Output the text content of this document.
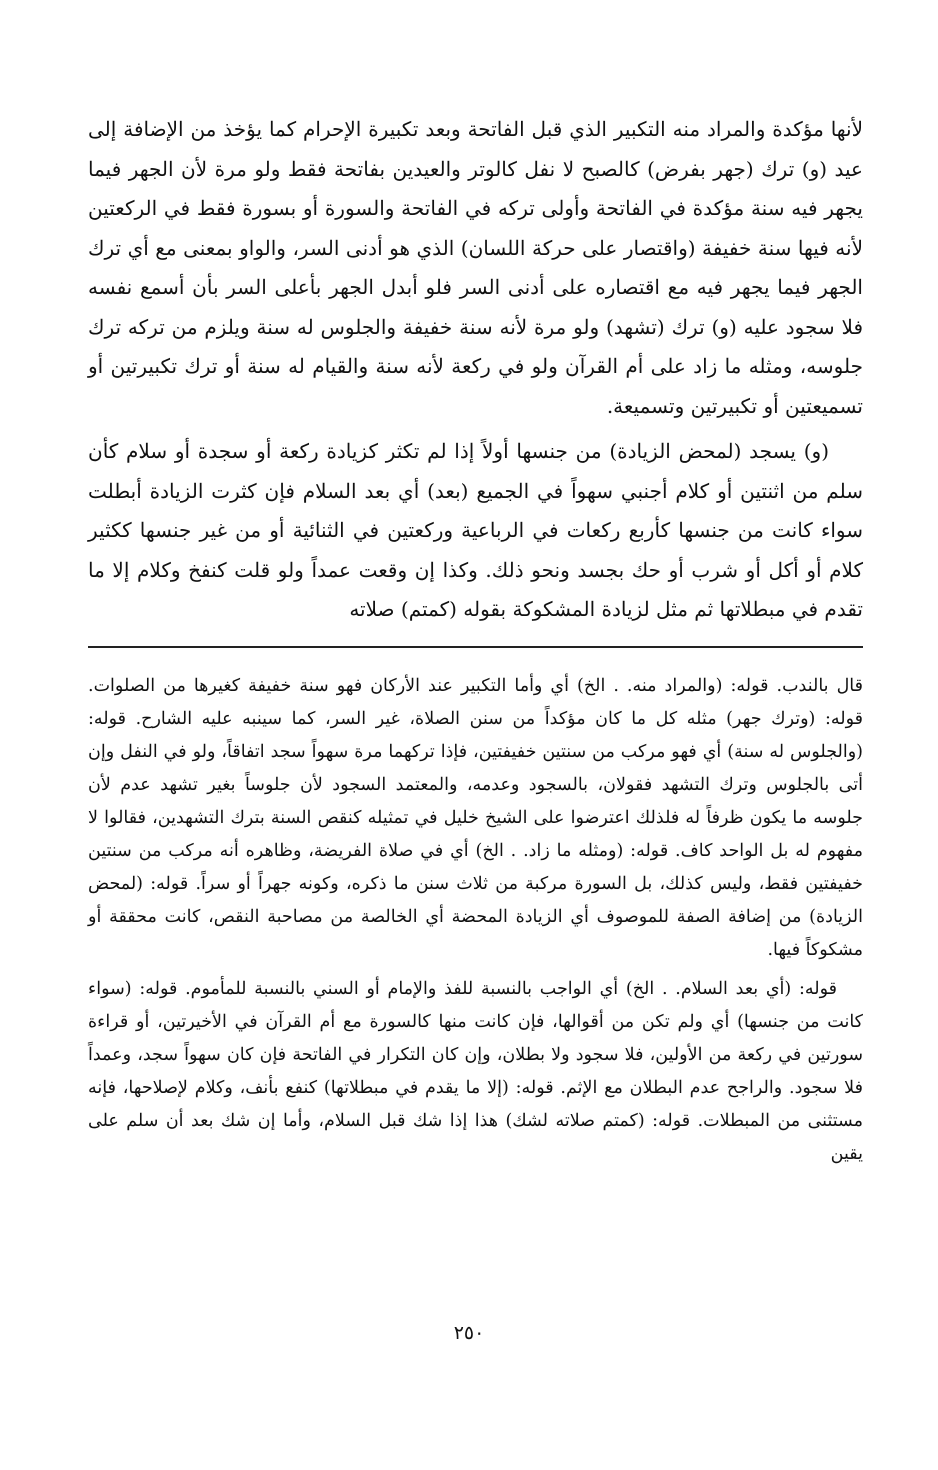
لأنها مؤكدة والمراد منه التكبير الذي قبل الفاتحة وبعد تكبيرة الإحرام كما يؤخذ من الإضافة إلى عيد (و) ترك (جهر بفرض) كالصبح لا نفل كالوتر والعيدين بفاتحة فقط ولو مرة لأن الجهر فيما يجهر فيه سنة مؤكدة في الفاتحة وأولى تركه في الفاتحة والسورة أو بسورة فقط في الركعتين لأنه فيها سنة خفيفة (واقتصار على حركة اللسان) الذي هو أدنى السر، والواو بمعنى مع أي ترك الجهر فيما يجهر فيه مع اقتصاره على أدنى السر فلو أبدل الجهر بأعلى السر بأن أسمع نفسه فلا سجود عليه (و) ترك (تشهد) ولو مرة لأنه سنة خفيفة والجلوس له سنة ويلزم من تركه ترك جلوسه، ومثله ما زاد على أم القرآن ولو في ركعة لأنه سنة والقيام له سنة أو ترك تكبيرتين أو تسميعتين أو تكبيرتين وتسميعة.

(و) يسجد (لمحض الزيادة) من جنسها أولاً إذا لم تكثر كزيادة ركعة أو سجدة أو سلام كأن سلم من اثنتين أو كلام أجنبي سهواً في الجميع (بعد) أي بعد السلام فإن كثرت الزيادة أبطلت سواء كانت من جنسها كأربع ركعات في الرباعية وركعتين في الثنائية أو من غير جنسها ككثير كلام أو أكل أو شرب أو حك بجسد ونحو ذلك. وكذا إن وقعت عمداً ولو قلت كنفخ وكلام إلا ما تقدم في مبطلاتها ثم مثل لزيادة المشكوكة بقوله (كمتم) صلاته

قال بالندب. قوله: (والمراد منه. . الخ) أي وأما التكبير عند الأركان فهو سنة خفيفة كغيرها من الصلوات. قوله: (وترك جهر) مثله كل ما كان مؤكداً من سنن الصلاة، غير السر، كما سينبه عليه الشارح. قوله: (والجلوس له سنة) أي فهو مركب من سنتين خفيفتين، فإذا تركهما مرة سهواً سجد اتفاقاً، ولو في النفل وإن أتى بالجلوس وترك التشهد فقولان، بالسجود وعدمه، والمعتمد السجود لأن جلوساً بغير تشهد عدم لأن جلوسه ما يكون ظرفاً له فلذلك اعترضوا على الشيخ خليل في تمثيله كنقص السنة بترك التشهدين، فقالوا لا مفهوم له بل الواحد كاف. قوله: (ومثله ما زاد. . الخ) أي في صلاة الفريضة، وظاهره أنه مركب من سنتين خفيفتين فقط، وليس كذلك، بل السورة مركبة من ثلاث سنن ما ذكره، وكونه جهراً أو سراً. قوله: (لمحض الزيادة) من إضافة الصفة للموصوف أي الزيادة المحضة أي الخالصة من مصاحبة النقص، كانت محققة أو مشكوكاً فيها.

قوله: (أي بعد السلام. . الخ) أي الواجب بالنسبة للفذ والإمام أو السني بالنسبة للمأموم. قوله: (سواء كانت من جنسها) أي ولم تكن من أقوالها، فإن كانت منها كالسورة مع أم القرآن في الأخيرتين، أو قراءة سورتين في ركعة من الأولين، فلا سجود ولا بطلان، وإن كان التكرار في الفاتحة فإن كان سهواً سجد، وعمداً فلا سجود. والراجح عدم البطلان مع الإثم. قوله: (إلا ما يقدم في مبطلاتها) كنفع بأنف، وكلام لإصلاحها، فإنه مستثنى من المبطلات. قوله: (كمتم صلاته لشك) هذا إذا شك قبل السلام، وأما إن شك بعد أن سلم على يقين

٢٥٠
